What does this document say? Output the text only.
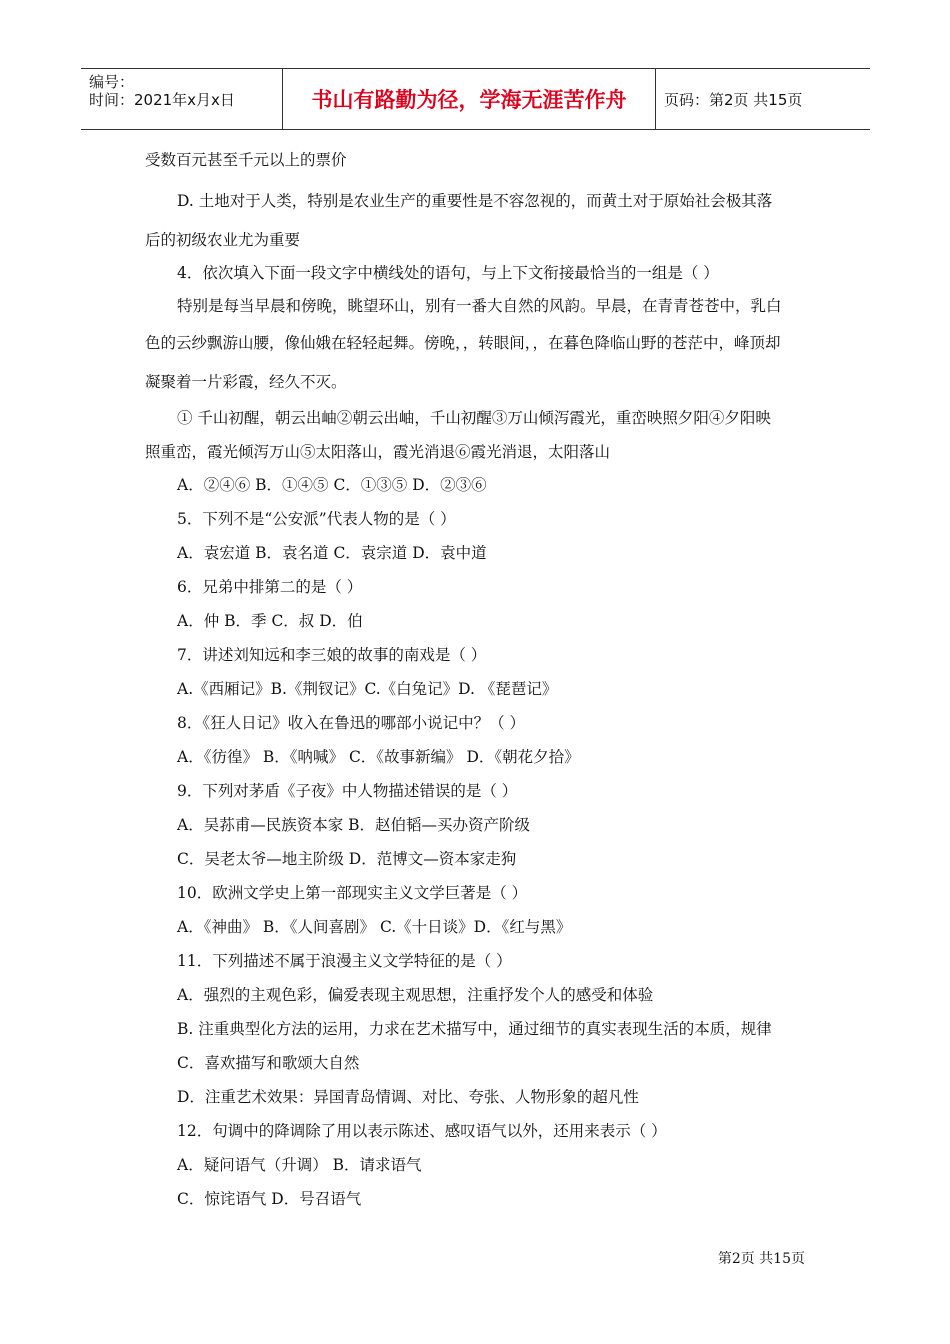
编号：
时间：2021年x月x日	书山有路勤为径，学海无涯苦作舟	页码：第2页 共15页
受数百元甚至千元以上的票价
D. 土地对于人类，特别是农业生产的重要性是不容忽视的，而黄土对于原始社会极其落
后的初级农业尤为重要
4．依次填入下面一段文字中横线处的语句，与上下文衔接最恰当的一组是（ ）
特别是每当早晨和傍晚，眺望环山，别有一番大自然的风韵。早晨，在青青苍苍中，乳白
色的云纱飘游山腰，像仙娥在轻轻起舞。傍晚，，转眼间，，在暮色降临山野的苍茫中，峰顶却
凝聚着一片彩霞，经久不灭。
① 千山初醒，朝云出岫②朝云出岫，千山初醒③万山倾泻霞光，重峦映照夕阳④夕阳映
照重峦，霞光倾泻万山⑤太阳落山，霞光消退⑥霞光消退，太阳落山
A．②④⑥ B．①④⑤ C．①③⑤ D．②③⑥
5．下列不是“公安派”代表人物的是（ ）
A．袁宏道 B．袁名道 C．袁宗道 D．袁中道
6．兄弟中排第二的是（ ）
A．仲 B．季 C．叔 D．伯
7．讲述刘知远和李三娘的故事的南戏是（ ）
A.《西厢记》B.《荆钗记》C.《白兔记》D. 《琵琶记》
8．《狂人日记》收入在鲁迅的哪部小说记中？（ ）
A．《彷徨》 B．《呐喊》 C．《故事新编》 D．《朝花夕拾》
9．下列对茅盾《子夜》中人物描述错误的是（ ）
A．吴荪甫—民族资本家 B．赵伯韬—买办资产阶级
C．吴老太爷—地主阶级 D．范博文—资本家走狗
10．欧洲文学史上第一部现实主义文学巨著是（ ）
A．《神曲》 B．《人间喜剧》 C.《十日谈》D．《红与黑》
11．下列描述不属于浪漫主义文学特征的是（ ）
A．强烈的主观色彩，偏爱表现主观思想，注重抒发个人的感受和体验
B. 注重典型化方法的运用，力求在艺术描写中，通过细节的真实表现生活的本质，规律
C．喜欢描写和歌颂大自然
D．注重艺术效果：异国青岛情调、对比、夸张、人物形象的超凡性
12．句调中的降调除了用以表示陈述、感叹语气以外，还用来表示（ ）
A．疑问语气（升调） B．请求语气
C．惊诧语气 D．号召语气
第2页 共15页
